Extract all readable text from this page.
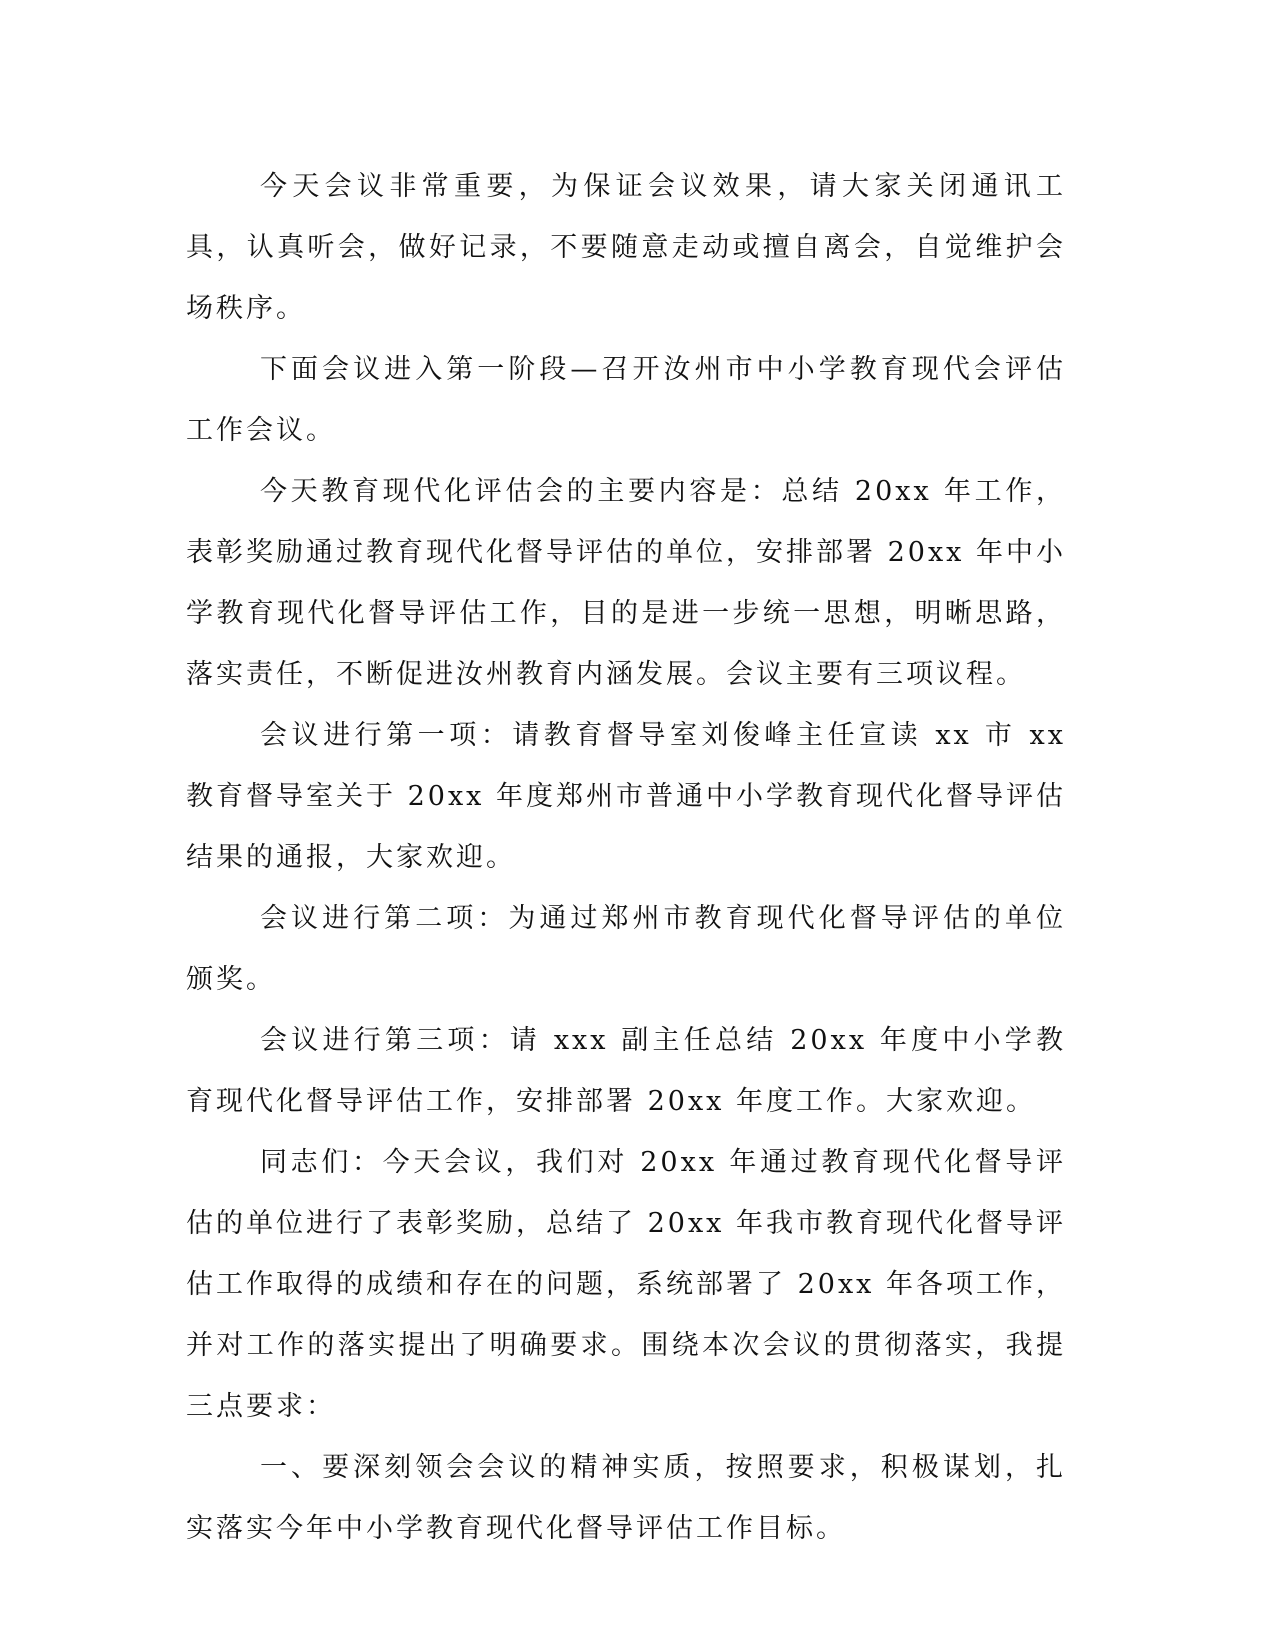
今天会议非常重要，为保证会议效果，请大家关闭通讯工具，认真听会，做好记录，不要随意走动或擅自离会，自觉维护会场秩序。

下面会议进入第一阶段—召开汝州市中小学教育现代会评估工作会议。

今天教育现代化评估会的主要内容是：总结 20xx 年工作，表彰奖励通过教育现代化督导评估的单位，安排部署 20xx 年中小学教育现代化督导评估工作，目的是进一步统一思想，明晰思路，落实责任，不断促进汝州教育内涵发展。会议主要有三项议程。

会议进行第一项：请教育督导室刘俊峰主任宣读 xx 市 xx 教育督导室关于 20xx 年度郑州市普通中小学教育现代化督导评估结果的通报，大家欢迎。

会议进行第二项：为通过郑州市教育现代化督导评估的单位颁奖。

会议进行第三项：请 xxx 副主任总结 20xx 年度中小学教育现代化督导评估工作，安排部署 20xx 年度工作。大家欢迎。

同志们：今天会议，我们对 20xx 年通过教育现代化督导评估的单位进行了表彰奖励，总结了 20xx 年我市教育现代化督导评估工作取得的成绩和存在的问题，系统部署了 20xx 年各项工作，并对工作的落实提出了明确要求。围绕本次会议的贯彻落实，我提三点要求：

一、要深刻领会会议的精神实质，按照要求，积极谋划，扎实落实今年中小学教育现代化督导评估工作目标。
